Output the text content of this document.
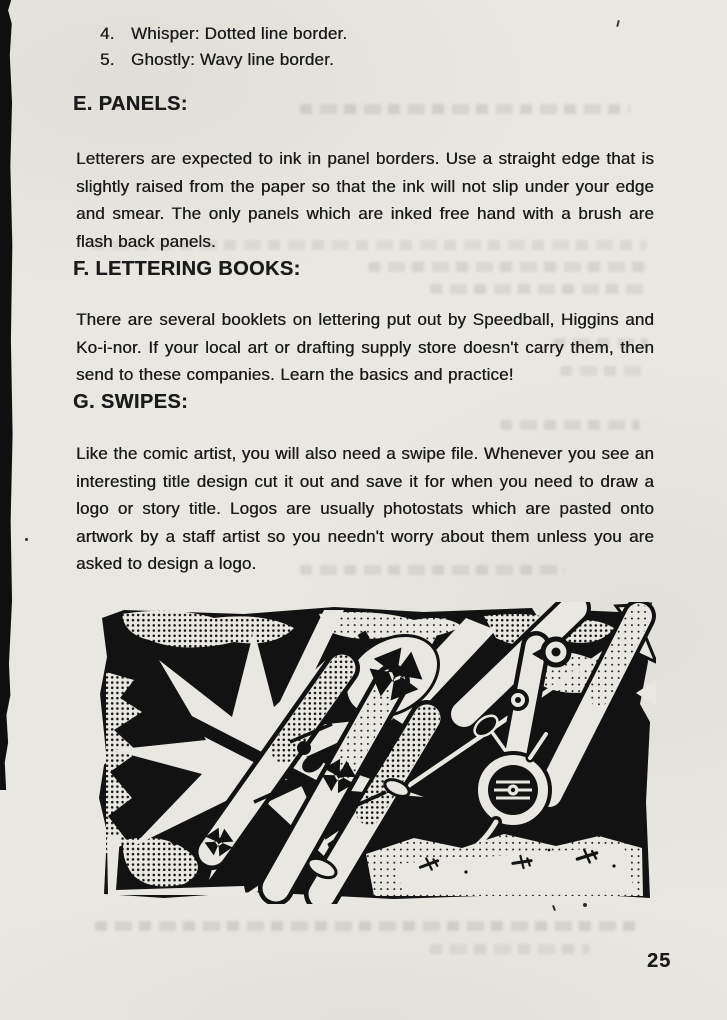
4. Whisper: Dotted line border.
5. Ghostly: Wavy line border.
E. PANELS:

Letterers are expected to ink in panel borders. Use a straight edge that is slightly raised from the paper so that the ink will not slip under your edge and smear. The only panels which are inked free hand with a brush are flash back panels.

F. LETTERING BOOKS:

There are several booklets on lettering put out by Speedball, Higgins and Ko-i-nor. If your local art or drafting supply store doesn't carry them, then send to these companies. Learn the basics and practice!

G. SWIPES:

Like the comic artist, you will also need a swipe file. Whenever you see an interesting title design cut it out and save it for when you need to draw a logo or story title. Logos are usually photostats which are pasted onto artwork by a staff artist so you needn't worry about them unless you are asked to design a logo.

25
